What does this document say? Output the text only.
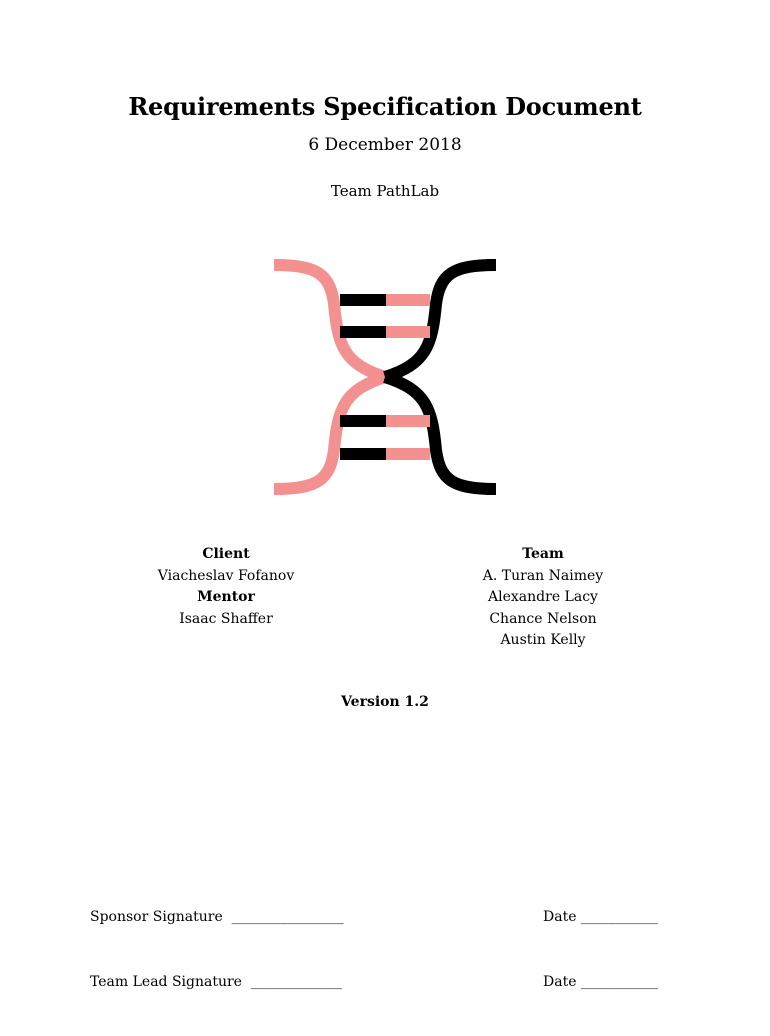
Requirements Specification Document
6 December 2018
Team PathLab
Client
Viacheslav Fofanov
Mentor
Isaac Shaffer
Team
A. Turan Naimey
Alexandre Lacy
Chance Nelson
Austin Kelly
Version 1.2

Sponsor Signature  ________________

Team Lead Signature  _____________

Date ___________

Date ___________
